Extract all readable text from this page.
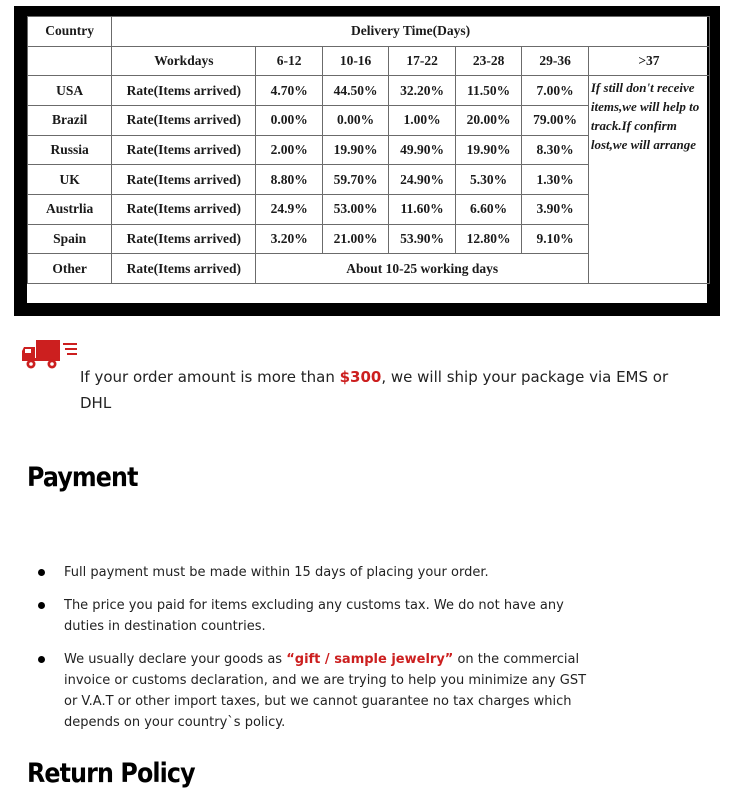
Country	Delivery Time(Days)						
	Workdays	6-12	10-16	17-22	23-28	29-36	>37
USA	Rate(Items arrived)	4.70%	44.50%	32.20%	11.50%	7.00%	If still don't receive items,we will help to track.If confirm lost,we will arrange
Brazil	Rate(Items arrived)	0.00%	0.00%	1.00%	20.00%	79.00%	
Russia	Rate(Items arrived)	2.00%	19.90%	49.90%	19.90%	8.30%	
UK	Rate(Items arrived)	8.80%	59.70%	24.90%	5.30%	1.30%	
Austrlia	Rate(Items arrived)	24.9%	53.00%	11.60%	6.60%	3.90%	
Spain	Rate(Items arrived)	3.20%	21.00%	53.90%	12.80%	9.10%	
Other	Rate(Items arrived)	About 10-25 working days					
If your order amount is more than $300, we will ship your package via EMS or DHL
Payment
Full payment must be made within 15 days of placing your order.
The price you paid for items excluding any customs tax. We do not have any duties in destination countries.
We usually declare your goods as “gift / sample jewelry” on the commercial invoice or customs declaration, and we are trying to help you minimize any GST or V.A.T or other import taxes, but we cannot guarantee no tax charges which depends on your country`s policy.
Return Policy
